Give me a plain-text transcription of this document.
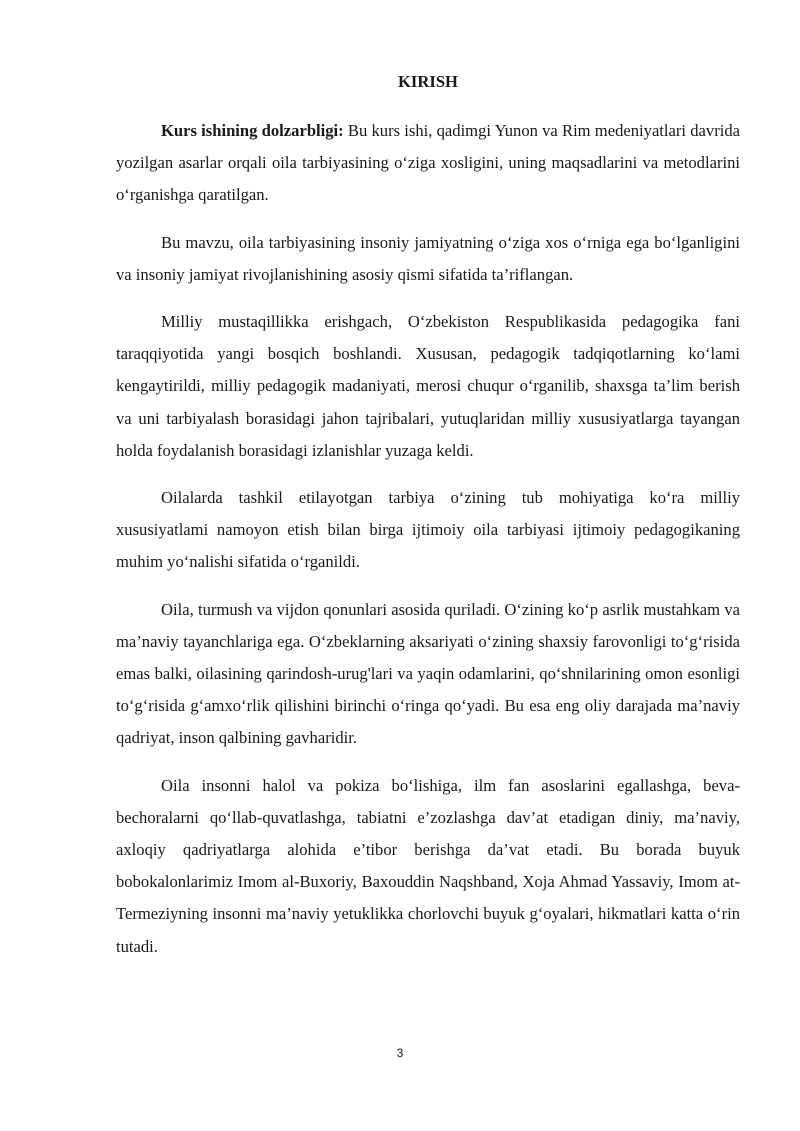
KIRISH

Kurs ishining dolzarbligi: Bu kurs ishi, qadimgi Yunon va Rim medeniyatlari davrida yozilgan asarlar orqali oila tarbiyasining o‘ziga xosligini, uning maqsadlarini va metodlarini o‘rganishga qaratilgan.

Bu mavzu, oila tarbiyasining insoniy jamiyatning o‘ziga xos o‘rniga ega bo‘lganligini va insoniy jamiyat rivojlanishining asosiy qismi sifatida ta’riflangan.

Milliy mustaqillikka erishgach, O‘zbekiston Respublikasida pedagogika fani taraqqiyotida yangi bosqich boshlandi. Xususan, pedagogik tadqiqotlarning ko‘lami kengaytirildi, milliy pedagogik madaniyati, merosi chuqur o‘rganilib, shaxsga ta’lim berish va uni tarbiyalash borasidagi jahon tajribalari, yutuqlaridan milliy xususiyatlarga tayangan holda foydalanish borasidagi izlanishlar yuzaga keldi.

Oilalarda tashkil etilayotgan tarbiya o‘zining tub mohiyatiga ko‘ra milliy xususiyatlami namoyon etish bilan birga ijtimoiy oila tarbiyasi ijtimoiy pedagogikaning muhim yo‘nalishi sifatida o‘rganildi.

Oila, turmush va vijdon qonunlari asosida quriladi. O‘zining ko‘p asrlik mustahkam va ma’naviy tayanchlariga ega. O‘zbeklarning aksariyati o‘zining shaxsiy farovonligi to‘g‘risida emas balki, oilasining qarindosh-urug'lari va yaqin odamlarini, qo‘shnilarining omon esonligi to‘g‘risida g‘amxo‘rlik qilishini birinchi o‘ringa qo‘yadi. Bu esa eng oliy darajada ma’naviy qadriyat, inson qalbining gavharidir.

Oila insonni halol va pokiza bo‘lishiga, ilm fan asoslarini egallashga, beva-bechoralarni qo‘llab-quvatlashga, tabiatni e’zozlashga dav’at etadigan diniy, ma’naviy, axloqiy qadriyatlarga alohida e’tibor berishga da’vat etadi. Bu borada buyuk bobokalonlarimiz Imom al-Buxoriy, Baxouddin Naqshband, Xoja Ahmad Yassaviy, Imom at-Termeziyning insonni ma’naviy yetuklikka chorlovchi buyuk g‘oyalari, hikmatlari katta o‘rin tutadi.

3
